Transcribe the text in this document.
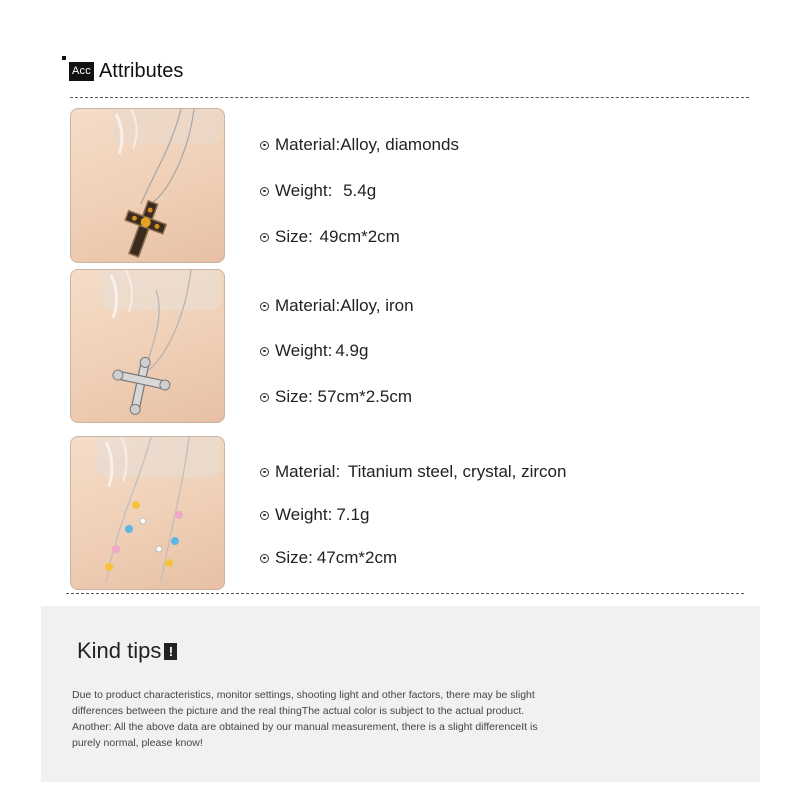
Acc Attributes
Material : Alloy, diamonds
Weight : 5.4g
Size : 49cm*2cm
Material : Alloy, iron
Weight : 4.9g
Size : 57cm*2.5cm
Material : Titanium steel, crystal, zircon
Weight : 7.1g
Size : 47cm*2cm
Kind tips !
Due to product characteristics, monitor settings, shooting light and other factors, there may be slight
differences between the picture and the real thingThe actual color is subject to the actual product.
Another: All the above data are obtained by our manual measurement, there is a slight differenceIt is
purely normal, please know!
